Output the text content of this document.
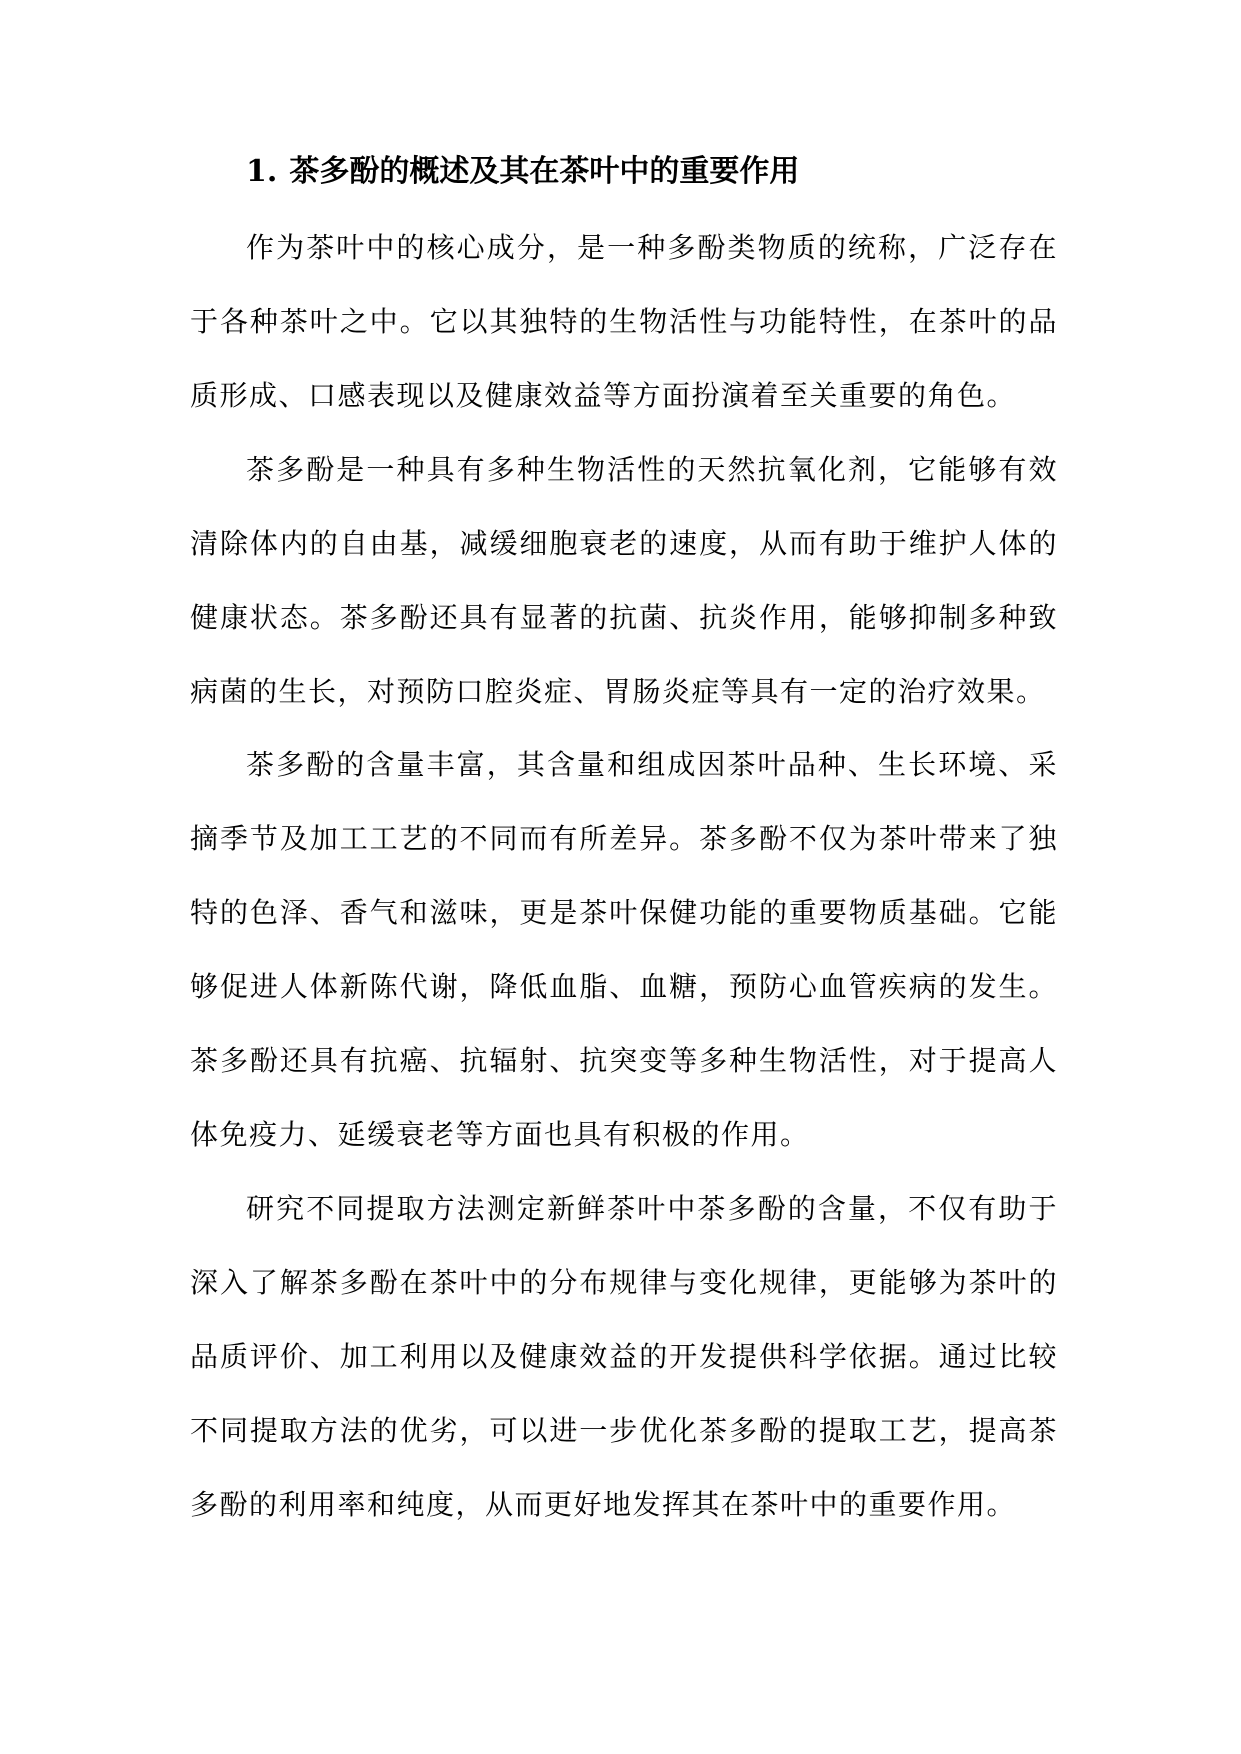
1. 茶多酚的概述及其在茶叶中的重要作用

作为茶叶中的核心成分，是一种多酚类物质的统称，广泛存在于各种茶叶之中。它以其独特的生物活性与功能特性，在茶叶的品质形成、口感表现以及健康效益等方面扮演着至关重要的角色。

茶多酚是一种具有多种生物活性的天然抗氧化剂，它能够有效清除体内的自由基，减缓细胞衰老的速度，从而有助于维护人体的健康状态。茶多酚还具有显著的抗菌、抗炎作用，能够抑制多种致病菌的生长，对预防口腔炎症、胃肠炎症等具有一定的治疗效果。

茶多酚的含量丰富，其含量和组成因茶叶品种、生长环境、采摘季节及加工工艺的不同而有所差异。茶多酚不仅为茶叶带来了独特的色泽、香气和滋味，更是茶叶保健功能的重要物质基础。它能够促进人体新陈代谢，降低血脂、血糖，预防心血管疾病的发生。茶多酚还具有抗癌、抗辐射、抗突变等多种生物活性，对于提高人体免疫力、延缓衰老等方面也具有积极的作用。

研究不同提取方法测定新鲜茶叶中茶多酚的含量，不仅有助于深入了解茶多酚在茶叶中的分布规律与变化规律，更能够为茶叶的品质评价、加工利用以及健康效益的开发提供科学依据。通过比较不同提取方法的优劣，可以进一步优化茶多酚的提取工艺，提高茶多酚的利用率和纯度，从而更好地发挥其在茶叶中的重要作用。
